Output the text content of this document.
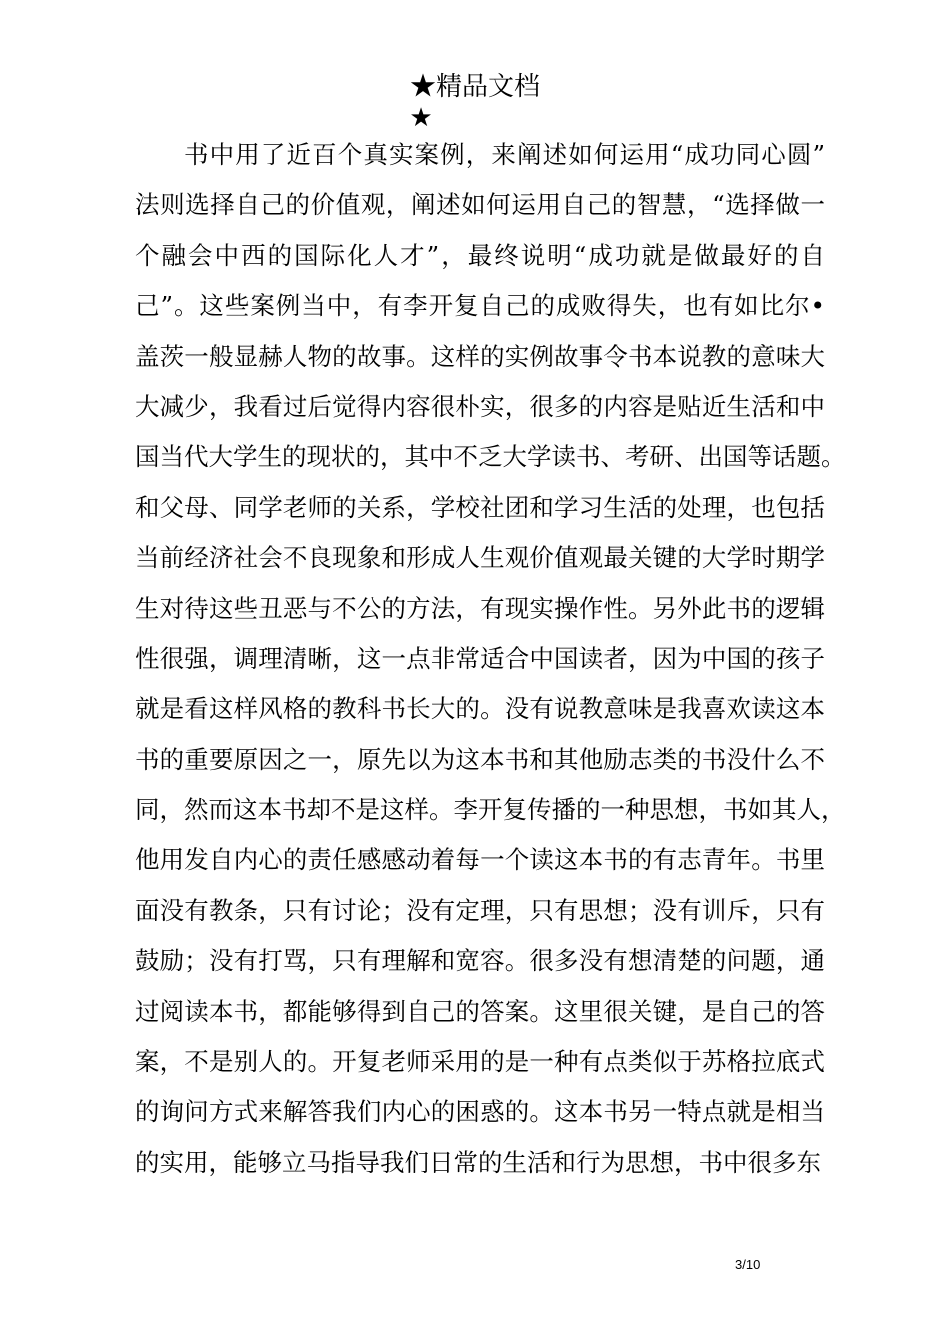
★精品文档
★
书中用了近百个真实案例，来阐述如何运用“成功同心圆”
法则选择自己的价值观，阐述如何运用自己的智慧，“选择做一
个融会中西的国际化人才”，最终说明“成功就是做最好的自
己”。这些案例当中，有李开复自己的成败得失，也有如比尔•
盖茨一般显赫人物的故事。这样的实例故事令书本说教的意味大
大减少，我看过后觉得内容很朴实，很多的内容是贴近生活和中
国当代大学生的现状的，其中不乏大学读书、考研、出国等话题。
和父母、同学老师的关系，学校社团和学习生活的处理，也包括
当前经济社会不良现象和形成人生观价值观最关键的大学时期学
生对待这些丑恶与不公的方法，有现实操作性。另外此书的逻辑
性很强，调理清晰，这一点非常适合中国读者，因为中国的孩子
就是看这样风格的教科书长大的。没有说教意味是我喜欢读这本
书的重要原因之一，原先以为这本书和其他励志类的书没什么不
同，然而这本书却不是这样。李开复传播的一种思想，书如其人，
他用发自内心的责任感感动着每一个读这本书的有志青年。书里
面没有教条，只有讨论；没有定理，只有思想；没有训斥，只有
鼓励；没有打骂，只有理解和宽容。很多没有想清楚的问题，通
过阅读本书，都能够得到自己的答案。这里很关键，是自己的答
案，不是别人的。开复老师采用的是一种有点类似于苏格拉底式
的询问方式来解答我们内心的困惑的。这本书另一特点就是相当
的实用，能够立马指导我们日常的生活和行为思想，书中很多东
3/10
